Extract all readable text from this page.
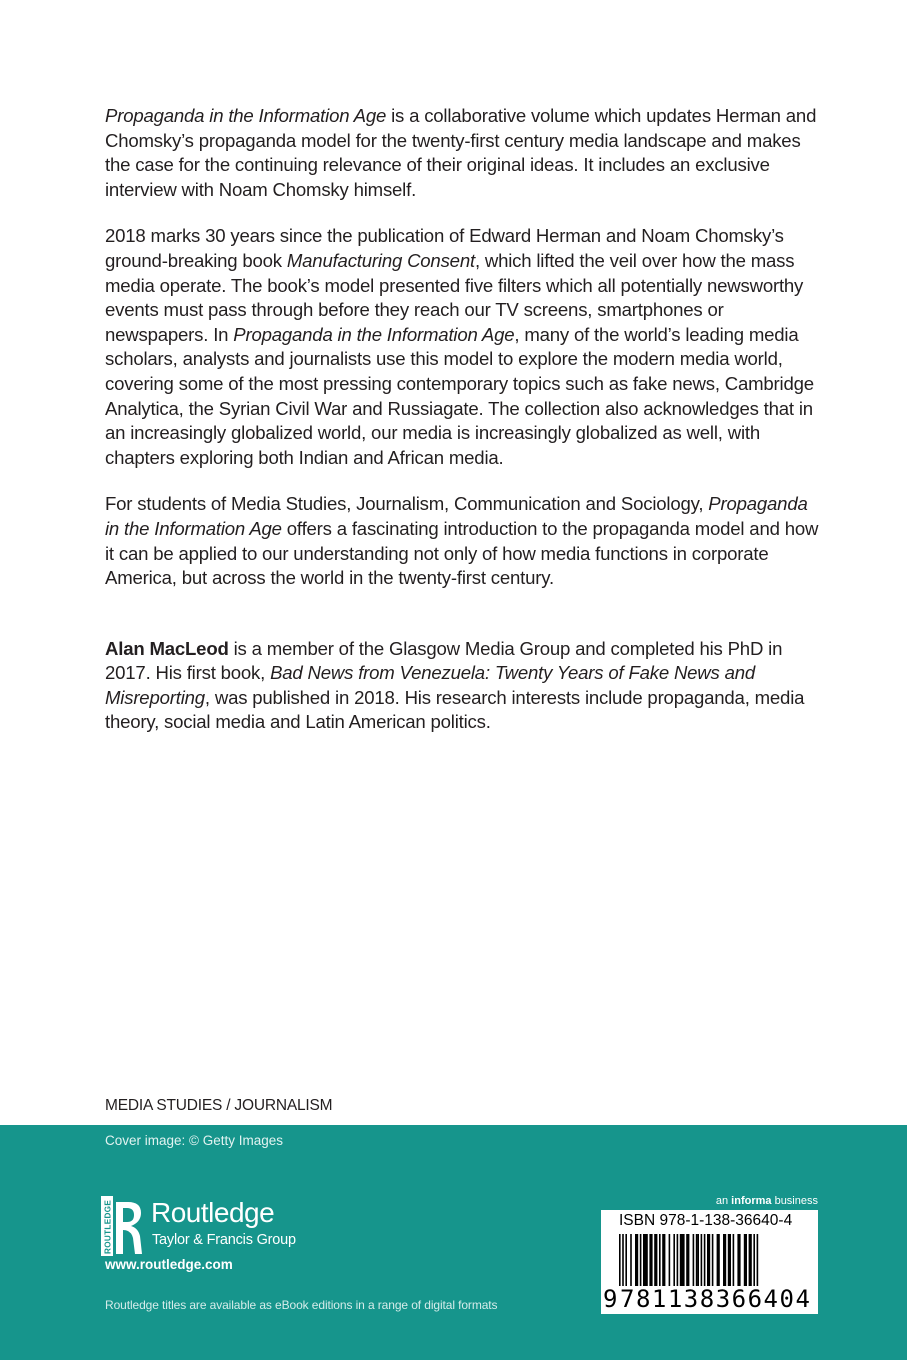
Propaganda in the Information Age is a collaborative volume which updates Herman and Chomsky’s propaganda model for the twenty-first century media landscape and makes the case for the continuing relevance of their original ideas. It includes an exclusive interview with Noam Chomsky himself.

2018 marks 30 years since the publication of Edward Herman and Noam Chomsky’s ground-breaking book Manufacturing Consent, which lifted the veil over how the mass media operate. The book’s model presented five filters which all potentially newsworthy events must pass through before they reach our TV screens, smartphones or newspapers. In Propaganda in the Information Age, many of the world’s leading media scholars, analysts and journalists use this model to explore the modern media world, covering some of the most pressing contemporary topics such as fake news, Cambridge Analytica, the Syrian Civil War and Russiagate. The collection also acknowledges that in an increasingly globalized world, our media is increasingly globalized as well, with chapters exploring both Indian and African media.

For students of Media Studies, Journalism, Communication and Sociology, Propaganda in the Information Age offers a fascinating introduction to the propaganda model and how it can be applied to our understanding not only of how media functions in corporate America, but across the world in the twenty-first century.

Alan MacLeod is a member of the Glasgow Media Group and completed his PhD in 2017. His first book, Bad News from Venezuela: Twenty Years of Fake News and Misreporting, was published in 2018. His research interests include propaganda, media theory, social media and Latin American politics.

MEDIA STUDIES / JOURNALISM
Cover image: © Getty Images
ROUTLEDGE Routledge
Taylor & Francis Group
www.routledge.com
Routledge titles are available as eBook editions in a range of digital formats
an informa business
ISBN 978-1-138-36640-4
9 781138366404
